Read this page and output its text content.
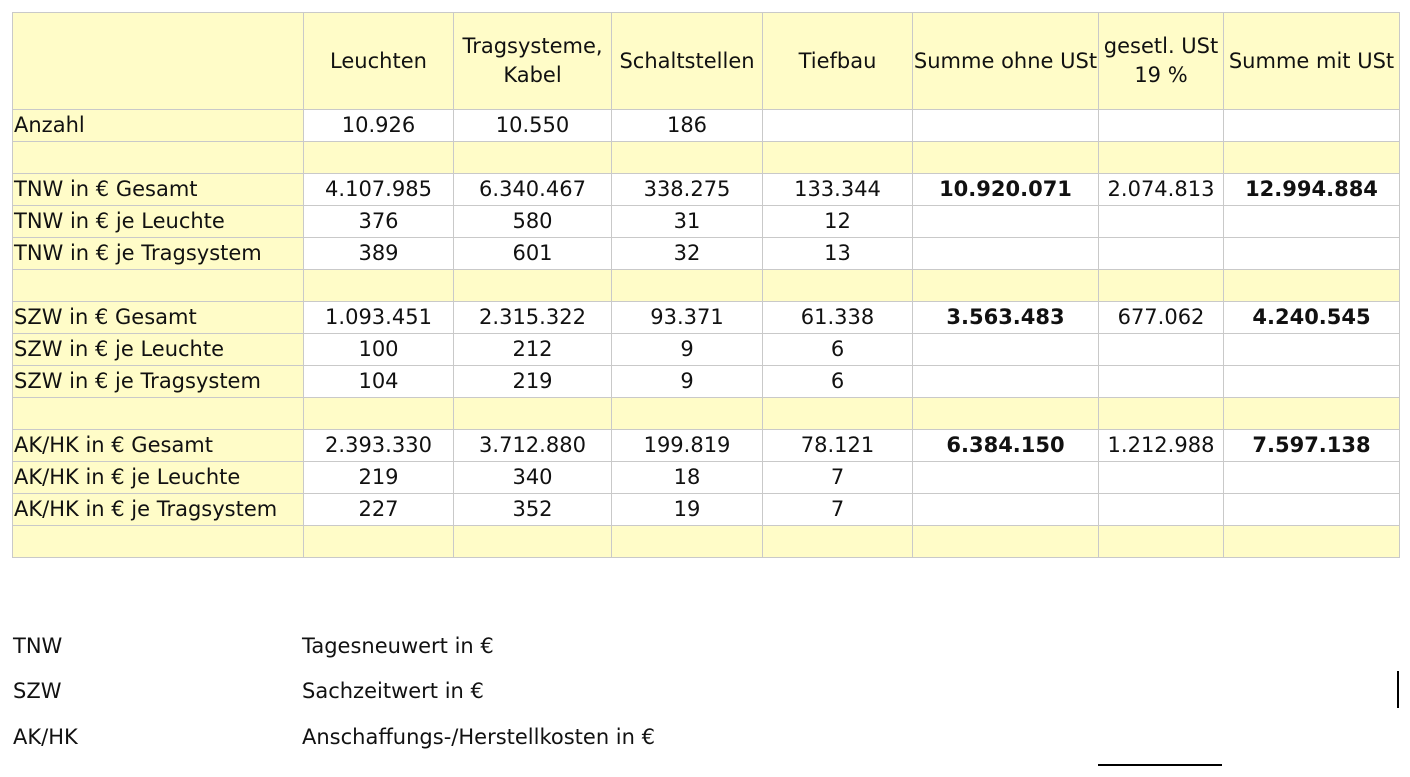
	Leuchten	Tragsysteme, Kabel	Schaltstellen	Tiefbau	Summe ohne USt	gesetl. USt 19 %	Summe mit USt
Anzahl	10.926	10.550	186				

TNW in € Gesamt	4.107.985	6.340.467	338.275	133.344	10.920.071	2.074.813	12.994.884
TNW in € je Leuchte	376	580	31	12			
TNW in € je Tragsystem	389	601	32	13			

SZW in € Gesamt	1.093.451	2.315.322	93.371	61.338	3.563.483	677.062	4.240.545
SZW in € je Leuchte	100	212	9	6			
SZW in € je Tragsystem	104	219	9	6			

AK/HK in € Gesamt	2.393.330	3.712.880	199.819	78.121	6.384.150	1.212.988	7.597.138
AK/HK in € je Leuchte	219	340	18	7			
AK/HK in € je Tragsystem	227	352	19	7			

TNW	Tagesneuwert in €
SZW	Sachzeitwert in €
AK/HK	Anschaffungs-/Herstellkosten in €
